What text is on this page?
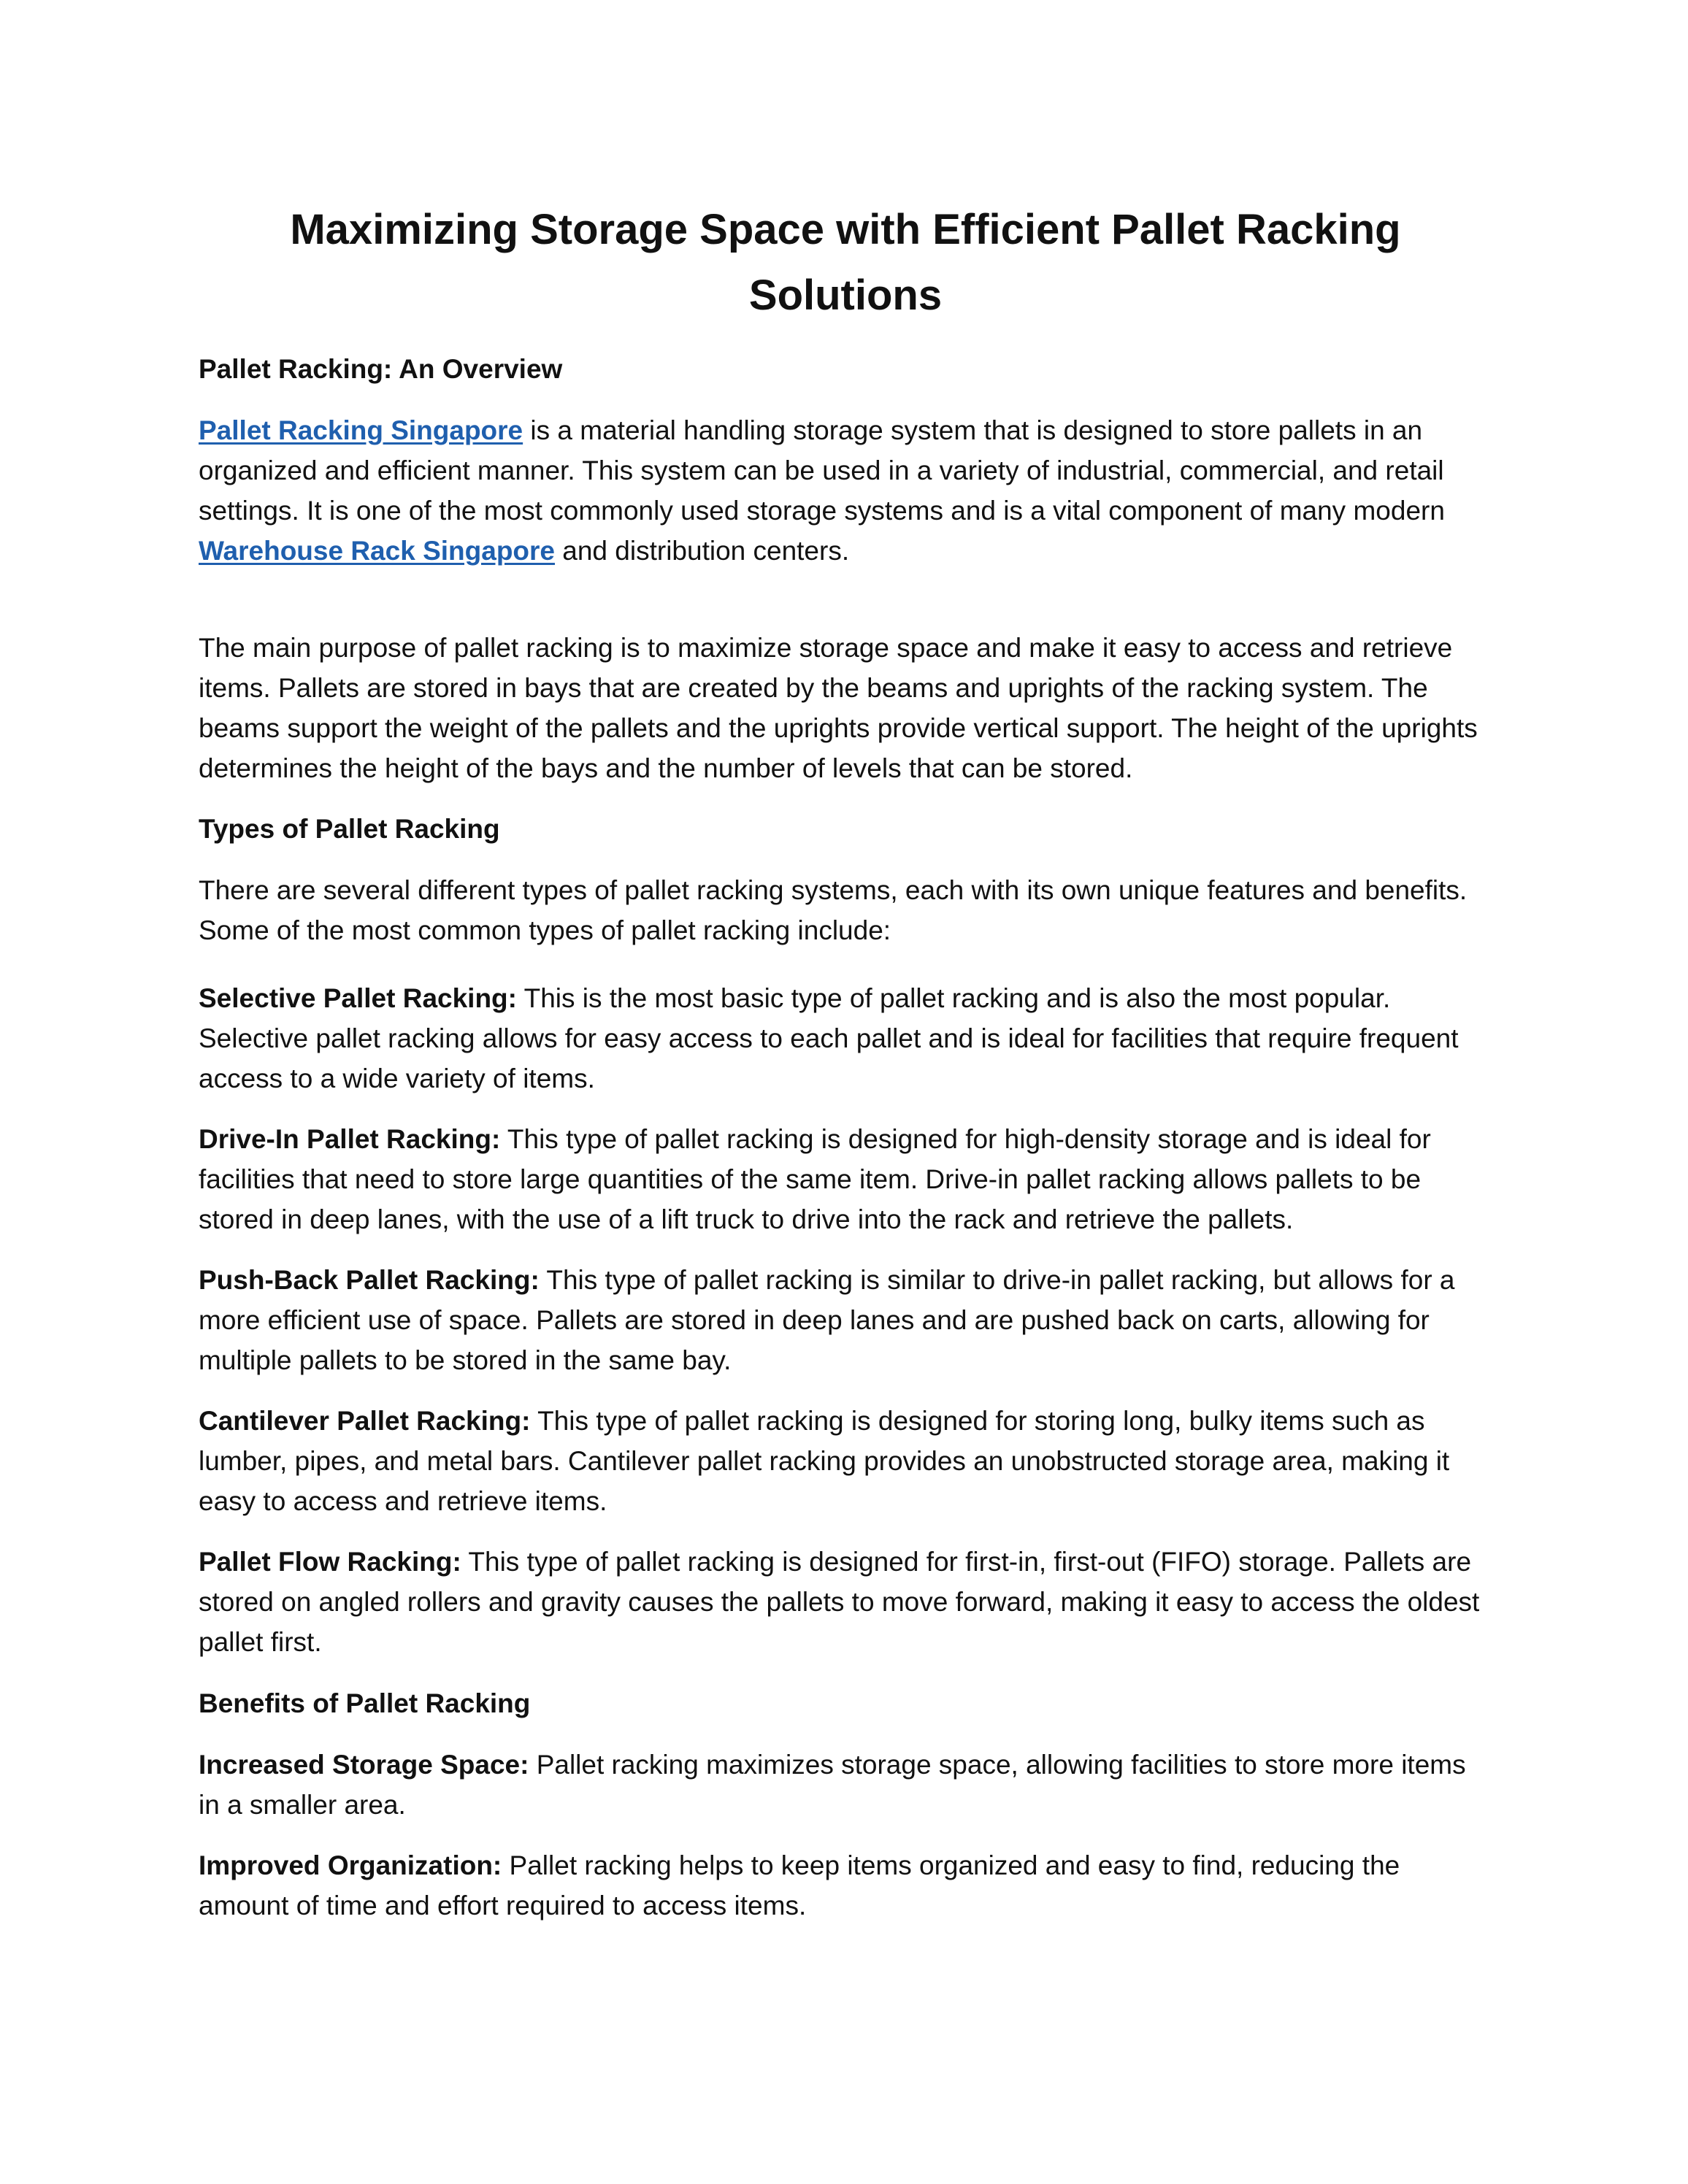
Maximizing Storage Space with Efficient Pallet Racking Solutions
Pallet Racking: An Overview

Pallet Racking Singapore is a material handling storage system that is designed to store pallets in an organized and efficient manner. This system can be used in a variety of industrial, commercial, and retail settings. It is one of the most commonly used storage systems and is a vital component of many modern Warehouse Rack Singapore and distribution centers.

The main purpose of pallet racking is to maximize storage space and make it easy to access and retrieve items. Pallets are stored in bays that are created by the beams and uprights of the racking system. The beams support the weight of the pallets and the uprights provide vertical support. The height of the uprights determines the height of the bays and the number of levels that can be stored.

Types of Pallet Racking

There are several different types of pallet racking systems, each with its own unique features and benefits. Some of the most common types of pallet racking include:

Selective Pallet Racking: This is the most basic type of pallet racking and is also the most popular. Selective pallet racking allows for easy access to each pallet and is ideal for facilities that require frequent access to a wide variety of items.

Drive-In Pallet Racking: This type of pallet racking is designed for high-density storage and is ideal for facilities that need to store large quantities of the same item. Drive-in pallet racking allows pallets to be stored in deep lanes, with the use of a lift truck to drive into the rack and retrieve the pallets.

Push-Back Pallet Racking: This type of pallet racking is similar to drive-in pallet racking, but allows for a more efficient use of space. Pallets are stored in deep lanes and are pushed back on carts, allowing for multiple pallets to be stored in the same bay.

Cantilever Pallet Racking: This type of pallet racking is designed for storing long, bulky items such as lumber, pipes, and metal bars. Cantilever pallet racking provides an unobstructed storage area, making it easy to access and retrieve items.

Pallet Flow Racking: This type of pallet racking is designed for first-in, first-out (FIFO) storage. Pallets are stored on angled rollers and gravity causes the pallets to move forward, making it easy to access the oldest pallet first.

Benefits of Pallet Racking

Increased Storage Space: Pallet racking maximizes storage space, allowing facilities to store more items in a smaller area.

Improved Organization: Pallet racking helps to keep items organized and easy to find, reducing the amount of time and effort required to access items.
